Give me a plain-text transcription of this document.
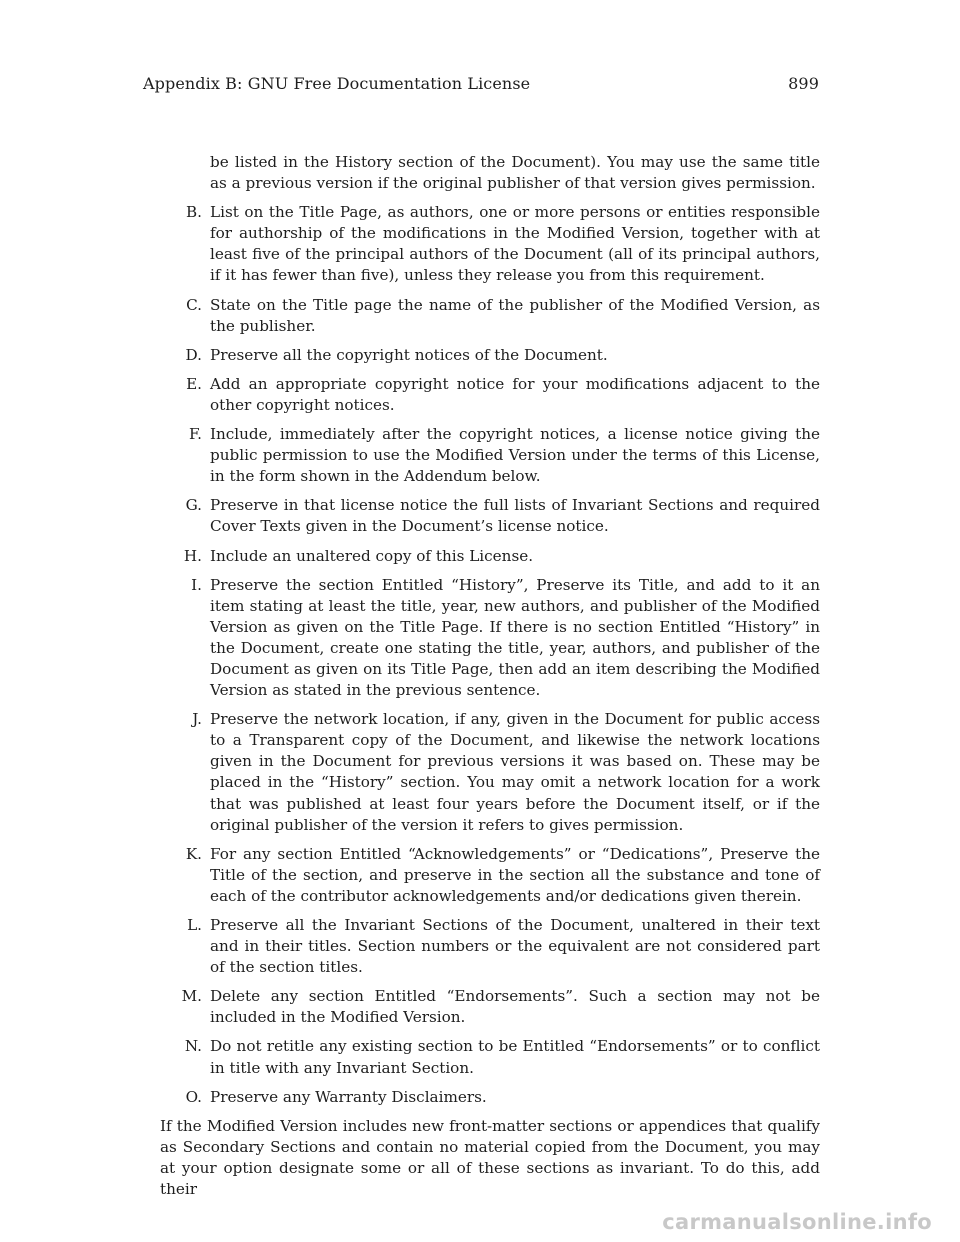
Appendix B: GNU Free Documentation License	899

be listed in the History section of the Document). You may use the same title as a previous version if the original publisher of that version gives permission.

B. List on the Title Page, as authors, one or more persons or entities responsible for authorship of the modifications in the Modified Version, together with at least five of the principal authors of the Document (all of its principal authors, if it has fewer than five), unless they release you from this requirement.
C. State on the Title page the name of the publisher of the Modified Version, as the publisher.
D. Preserve all the copyright notices of the Document.
E. Add an appropriate copyright notice for your modifications adjacent to the other copyright notices.
F. Include, immediately after the copyright notices, a license notice giving the public permission to use the Modified Version under the terms of this License, in the form shown in the Addendum below.
G. Preserve in that license notice the full lists of Invariant Sections and required Cover Texts given in the Document’s license notice.
H. Include an unaltered copy of this License.
I. Preserve the section Entitled “History”, Preserve its Title, and add to it an item stating at least the title, year, new authors, and publisher of the Modified Version as given on the Title Page. If there is no section Entitled “History” in the Document, create one stating the title, year, authors, and publisher of the Document as given on its Title Page, then add an item describing the Modified Version as stated in the previous sentence.
J. Preserve the network location, if any, given in the Document for public access to a Transparent copy of the Document, and likewise the network locations given in the Document for previous versions it was based on. These may be placed in the “History” section. You may omit a network location for a work that was published at least four years before the Document itself, or if the original publisher of the version it refers to gives permission.
K. For any section Entitled “Acknowledgements” or “Dedications”, Preserve the Title of the section, and preserve in the section all the substance and tone of each of the contributor acknowledgements and/or dedications given therein.
L. Preserve all the Invariant Sections of the Document, unaltered in their text and in their titles. Section numbers or the equivalent are not considered part of the section titles.
M. Delete any section Entitled “Endorsements”. Such a section may not be included in the Modified Version.
N. Do not retitle any existing section to be Entitled “Endorsements” or to conflict in title with any Invariant Section.
O. Preserve any Warranty Disclaimers.

If the Modified Version includes new front-matter sections or appendices that qualify as Secondary Sections and contain no material copied from the Document, you may at your option designate some or all of these sections as invariant. To do this, add their

carmanualsonline.info
